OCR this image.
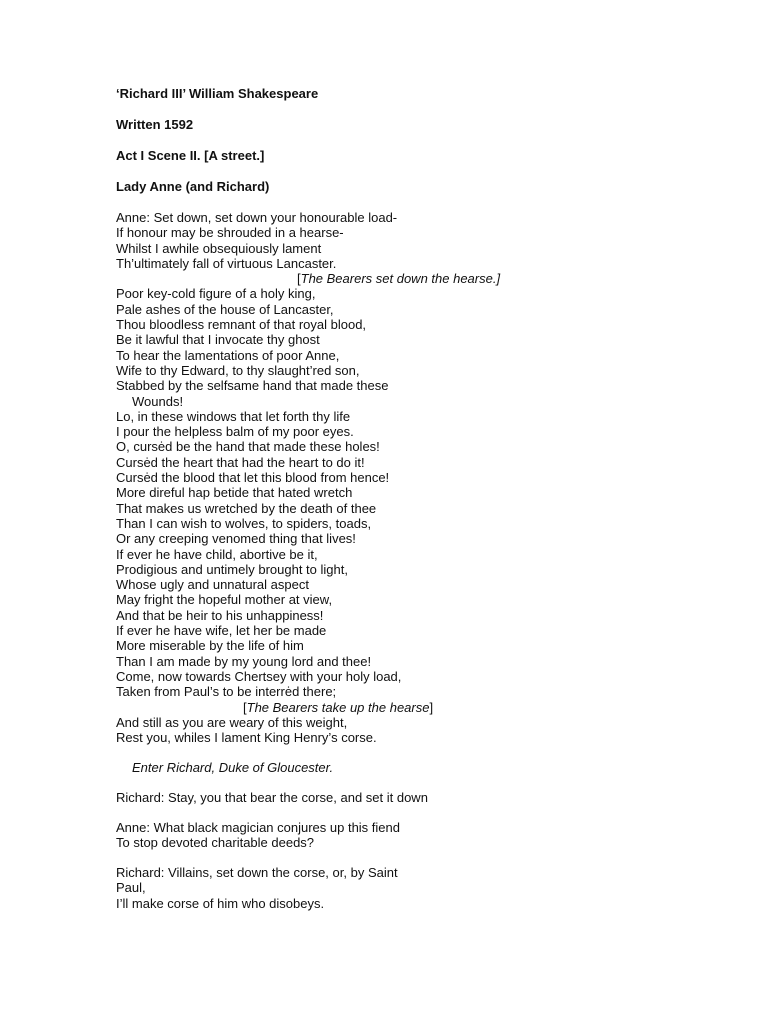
‘Richard III’ William Shakespeare
Written 1592
Act I Scene II. [A street.]
Lady Anne (and Richard)
Anne: Set down, set down your honourable load-
If honour may be shrouded in a hearse-
Whilst I awhile obsequiously lament
Th’ultimately fall of virtuous Lancaster.
[The Bearers set down the hearse.]
Poor key-cold figure of a holy king,
Pale ashes of the house of Lancaster,
Thou bloodless remnant of that royal blood,
Be it lawful that I invocate thy ghost
To hear the lamentations of poor Anne,
Wife to thy Edward, to thy slaught’red son,
Stabbed by the selfsame hand that made these
Wounds!
Lo, in these windows that let forth thy life
I pour the helpless balm of my poor eyes.
O, cursėd be the hand that made these holes!
Cursėd the heart that had the heart to do it!
Cursėd the blood that let this blood from hence!
More direful hap betide that hated wretch
That makes us wretched by the death of thee
Than I can wish to wolves, to spiders, toads,
Or any creeping venomed thing that lives!
If ever he have child, abortive be it,
Prodigious and untimely brought to light,
Whose ugly and unnatural aspect
May fright the hopeful mother at view,
And that be heir to his unhappiness!
If ever he have wife, let her be made
More miserable by the life of him
Than I am made by my young lord and thee!
Come, now towards Chertsey with your holy load,
Taken from Paul’s to be interrėd there;
[The Bearers take up the hearse]
And still as you are weary of this weight,
Rest you, whiles I lament King Henry’s corse.
Enter Richard, Duke of Gloucester.
Richard: Stay, you that bear the corse, and set it down
Anne: What black magician conjures up this fiend
To stop devoted charitable deeds?
Richard: Villains, set down the corse, or, by Saint
Paul,
I’ll make corse of him who disobeys.
